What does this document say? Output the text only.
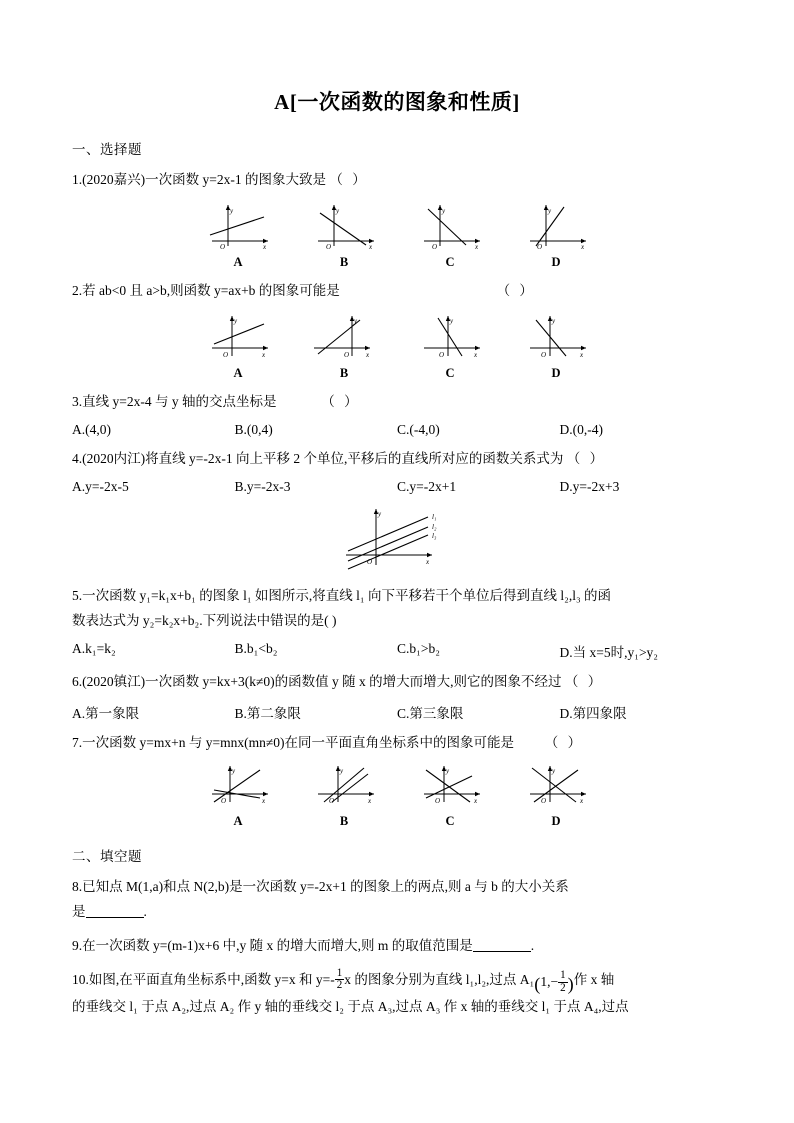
A[一次函数的图象和性质]
一、选择题
1.(2020嘉兴)一次函数 y=2x-1 的图象大致是 （ ）
y
x
O
A
y
x
O
B
y
x
O
C
y
x
O
D
2.若 ab<0 且 a>b,则函数 y=ax+b 的图象可能是	（ ）
y
x
O
A
y
x
O
B
y
x
O
C
y
x
O
D
3.直线 y=2x-4 与 y 轴的交点坐标是	（ ）
A.(4,0)	B.(0,4)	C.(-4,0)	D.(0,-4)
4.(2020内江)将直线 y=-2x-1 向上平移 2 个单位,平移后的直线所对应的函数关系式为 （ ）
A.y=-2x-5	B.y=-2x-3	C.y=-2x+1	D.y=-2x+3
y
x
O
l₁
l₂
l₃
5.一次函数 y₁=k₁x+b₁ 的图象 l₁ 如图所示,将直线 l₁ 向下平移若干个单位后得到直线 l₂,l₃ 的函
数表达式为 y₂=k₂x+b₂.下列说法中错误的是( )
A.k₁=k₂	B.b₁<b₂	C.b₁>b₂	D.当 x=5时,y₁>y₂
6.(2020镇江)一次函数 y=kx+3(k≠0)的函数值 y 随 x 的增大而增大,则它的图象不经过 （ ）
A.第一象限	B.第二象限	C.第三象限	D.第四象限
7.一次函数 y=mx+n 与 y=mnx(mn≠0)在同一平面直角坐标系中的图象可能是 （ ）
y
x
O
A
y
x
O
B
y
x
O
C
y
x
O
D
二、填空题
8.已知点 M(1,a)和点 N(2,b)是一次函数 y=-2x+1 的图象上的两点,则 a 与 b 的大小关系
是	.
9.在一次函数 y=(m-1)x+6 中,y 随 x 的增大而增大,则 m 的取值范围是	.
10.如图,在平面直角坐标系中,函数 y=x 和 $y=- \frac{1}{2}$ x 的图象分别为直线 l₁,l₂,过点 $A_1(1,- \frac{1}{2}$ )作 x 轴
的垂线交 l₁ 于点 A₂,过点 A₂ 作 y 轴的垂线交 l₂ 于点 A₃,过点 A₃ 作 x 轴的垂线交 l₁ 于点 A₄,过点
